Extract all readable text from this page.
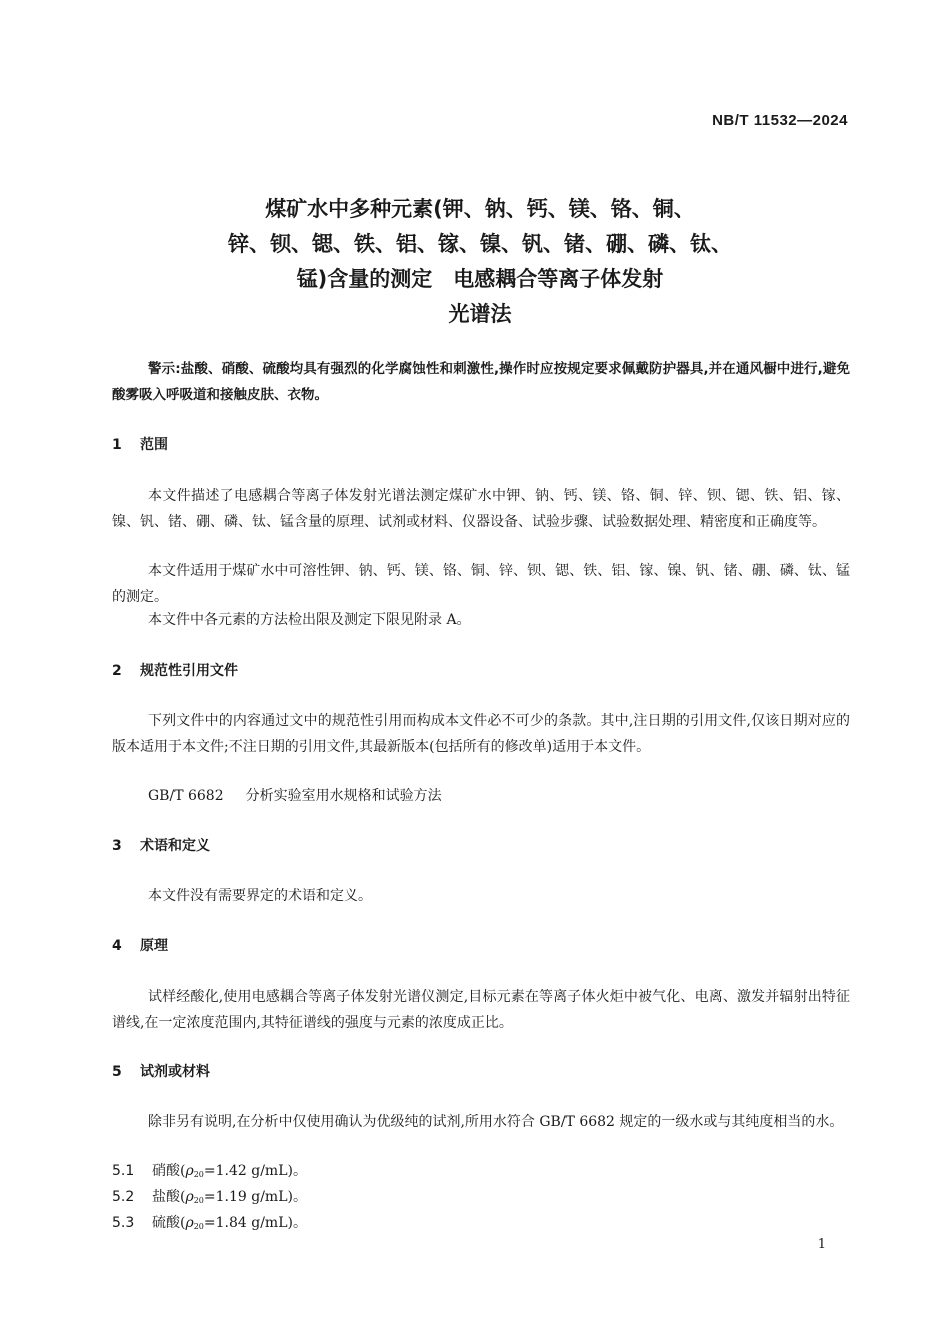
NB/T 11532—2024
煤矿水中多种元素(钾、钠、钙、镁、铬、铜、
锌、钡、锶、铁、铝、镓、镍、钒、锗、硼、磷、钛、
锰)含量的测定　电感耦合等离子体发射
光谱法

警示:盐酸、硝酸、硫酸均具有强烈的化学腐蚀性和刺激性,操作时应按规定要求佩戴防护器具,并在通风橱中进行,避免酸雾吸入呼吸道和接触皮肤、衣物。

1 范围

本文件描述了电感耦合等离子体发射光谱法测定煤矿水中钾、钠、钙、镁、铬、铜、锌、钡、锶、铁、铝、镓、镍、钒、锗、硼、磷、钛、锰含量的原理、试剂或材料、仪器设备、试验步骤、试验数据处理、精密度和正确度等。

本文件适用于煤矿水中可溶性钾、钠、钙、镁、铬、铜、锌、钡、锶、铁、铝、镓、镍、钒、锗、硼、磷、钛、锰的测定。

本文件中各元素的方法检出限及测定下限见附录 A。

2 规范性引用文件

下列文件中的内容通过文中的规范性引用而构成本文件必不可少的条款。其中,注日期的引用文件,仅该日期对应的版本适用于本文件;不注日期的引用文件,其最新版本(包括所有的修改单)适用于本文件。

GB/T 6682 分析实验室用水规格和试验方法
3 术语和定义

本文件没有需要界定的术语和定义。

4 原理

试样经酸化,使用电感耦合等离子体发射光谱仪测定,目标元素在等离子体火炬中被气化、电离、激发并辐射出特征谱线,在一定浓度范围内,其特征谱线的强度与元素的浓度成正比。

5 试剂或材料

除非另有说明,在分析中仅使用确认为优级纯的试剂,所用水符合 GB/T 6682 规定的一级水或与其纯度相当的水。

5.1 硝酸($\rho_{20}=1.42$ g/mL)。
5.2 盐酸($\rho_{20}=1.19$ g/mL)。
5.3 硫酸($\rho_{20}=1.84$ g/mL)。
1
